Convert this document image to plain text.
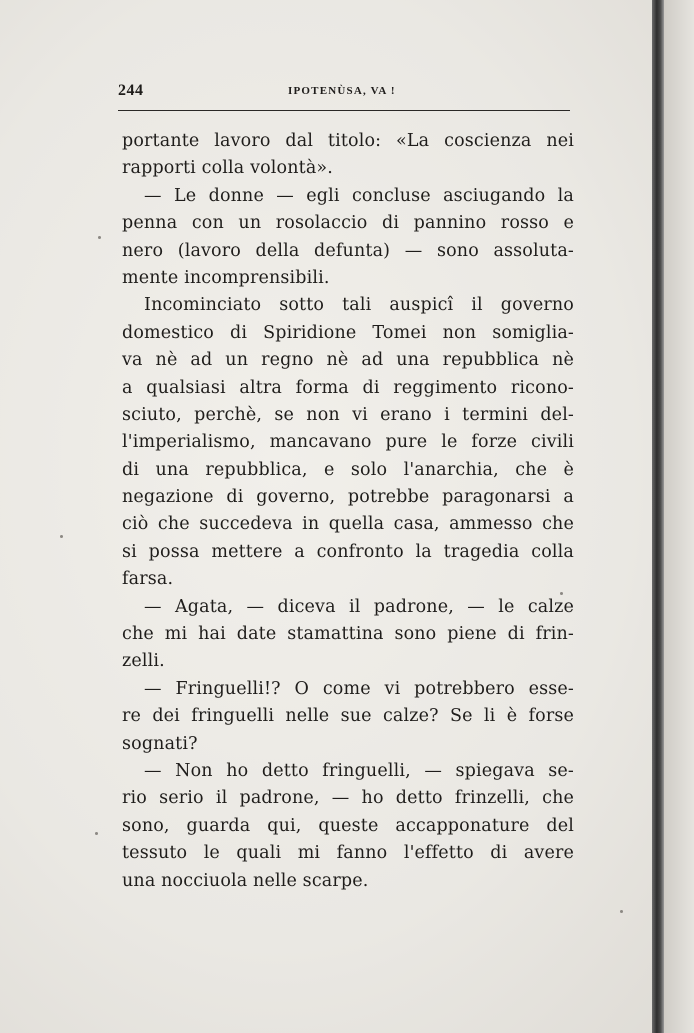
244	IPOTENÙSA, VA !
portante lavoro dal titolo: «La coscienza nei
rapporti colla volontà».
— Le donne — egli concluse asciugando la
penna con un rosolaccio di pannino rosso e
nero (lavoro della defunta) — sono assoluta-
mente incomprensibili.
Incominciato sotto tali auspicî il governo
domestico di Spiridione Tomei non somiglia-
va nè ad un regno nè ad una repubblica nè
a qualsiasi altra forma di reggimento ricono-
sciuto, perchè, se non vi erano i termini del-
l'imperialismo, mancavano pure le forze civili
di una repubblica, e solo l'anarchia, che è
negazione di governo, potrebbe paragonarsi a
ciò che succedeva in quella casa, ammesso che
si possa mettere a confronto la tragedia colla
farsa.
— Agata, — diceva il padrone, — le calze
che mi hai date stamattina sono piene di frin-
zelli.
— Fringuelli!? O come vi potrebbero esse-
re dei fringuelli nelle sue calze? Se li è forse
sognati?
— Non ho detto fringuelli, — spiegava se-
rio serio il padrone, — ho detto frinzelli, che
sono, guarda qui, queste accapponature del
tessuto le quali mi fanno l'effetto di avere
una nocciuola nelle scarpe.
